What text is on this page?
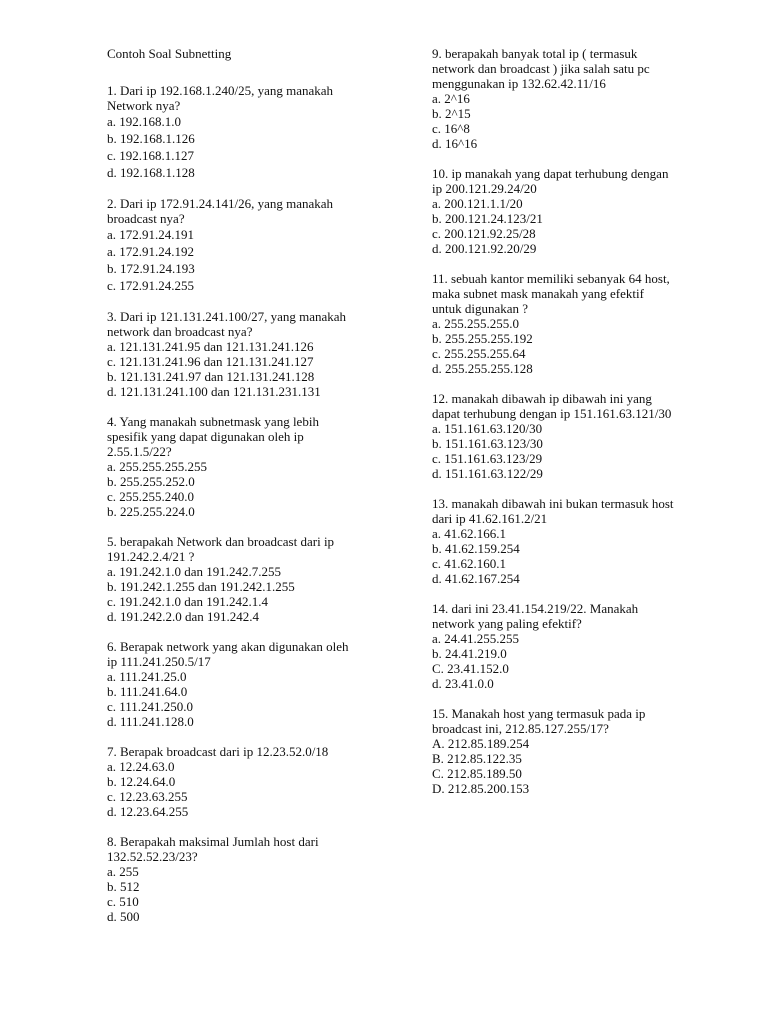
Contoh Soal Subnetting
1. Dari ip 192.168.1.240/25, yang manakah
Network nya?
a. 192.168.1.0
b. 192.168.1.126
c. 192.168.1.127
d. 192.168.1.128
2. Dari ip 172.91.24.141/26, yang manakah
broadcast nya?
a. 172.91.24.191
a. 172.91.24.192
b. 172.91.24.193
c. 172.91.24.255
3. Dari ip 121.131.241.100/27, yang manakah
network dan broadcast nya?
a. 121.131.241.95 dan 121.131.241.126
c. 121.131.241.96 dan 121.131.241.127
b. 121.131.241.97 dan 121.131.241.128
d. 121.131.241.100 dan 121.131.231.131
4. Yang manakah subnetmask yang lebih
spesifik yang dapat digunakan oleh ip
2.55.1.5/22?
a. 255.255.255.255
b. 255.255.252.0
c. 255.255.240.0
b. 225.255.224.0
5. berapakah Network dan broadcast dari ip
191.242.2.4/21 ?
a. 191.242.1.0 dan 191.242.7.255
b. 191.242.1.255 dan 191.242.1.255
c. 191.242.1.0 dan 191.242.1.4
d. 191.242.2.0 dan 191.242.4
6. Berapak network yang akan digunakan oleh
ip 111.241.250.5/17
a. 111.241.25.0
b. 111.241.64.0
c. 111.241.250.0
d. 111.241.128.0
7. Berapak broadcast dari ip 12.23.52.0/18
a. 12.24.63.0
b. 12.24.64.0
c. 12.23.63.255
d. 12.23.64.255
8. Berapakah maksimal Jumlah host dari
132.52.52.23/23?
a. 255
b. 512
c. 510
d. 500
9. berapakah banyak total ip ( termasuk
network dan broadcast ) jika salah satu pc
menggunakan ip 132.62.42.11/16
a. 2^16
b. 2^15
c. 16^8
d. 16^16
10. ip manakah yang dapat terhubung dengan
ip 200.121.29.24/20
a. 200.121.1.1/20
b. 200.121.24.123/21
c. 200.121.92.25/28
d. 200.121.92.20/29
11. sebuah kantor memiliki sebanyak 64 host,
maka subnet mask manakah yang efektif
untuk digunakan ?
a. 255.255.255.0
b. 255.255.255.192
c. 255.255.255.64
d. 255.255.255.128
12. manakah dibawah ip dibawah ini yang
dapat terhubung dengan ip 151.161.63.121/30
a. 151.161.63.120/30
b. 151.161.63.123/30
c. 151.161.63.123/29
d. 151.161.63.122/29
13. manakah dibawah ini bukan termasuk host
dari ip 41.62.161.2/21
a. 41.62.166.1
b. 41.62.159.254
c. 41.62.160.1
d. 41.62.167.254
14. dari ini 23.41.154.219/22. Manakah
network yang paling efektif?
a. 24.41.255.255
b. 24.41.219.0
C. 23.41.152.0
d. 23.41.0.0
15. Manakah host yang termasuk pada ip
broadcast ini, 212.85.127.255/17?
A. 212.85.189.254
B. 212.85.122.35
C. 212.85.189.50
D. 212.85.200.153
